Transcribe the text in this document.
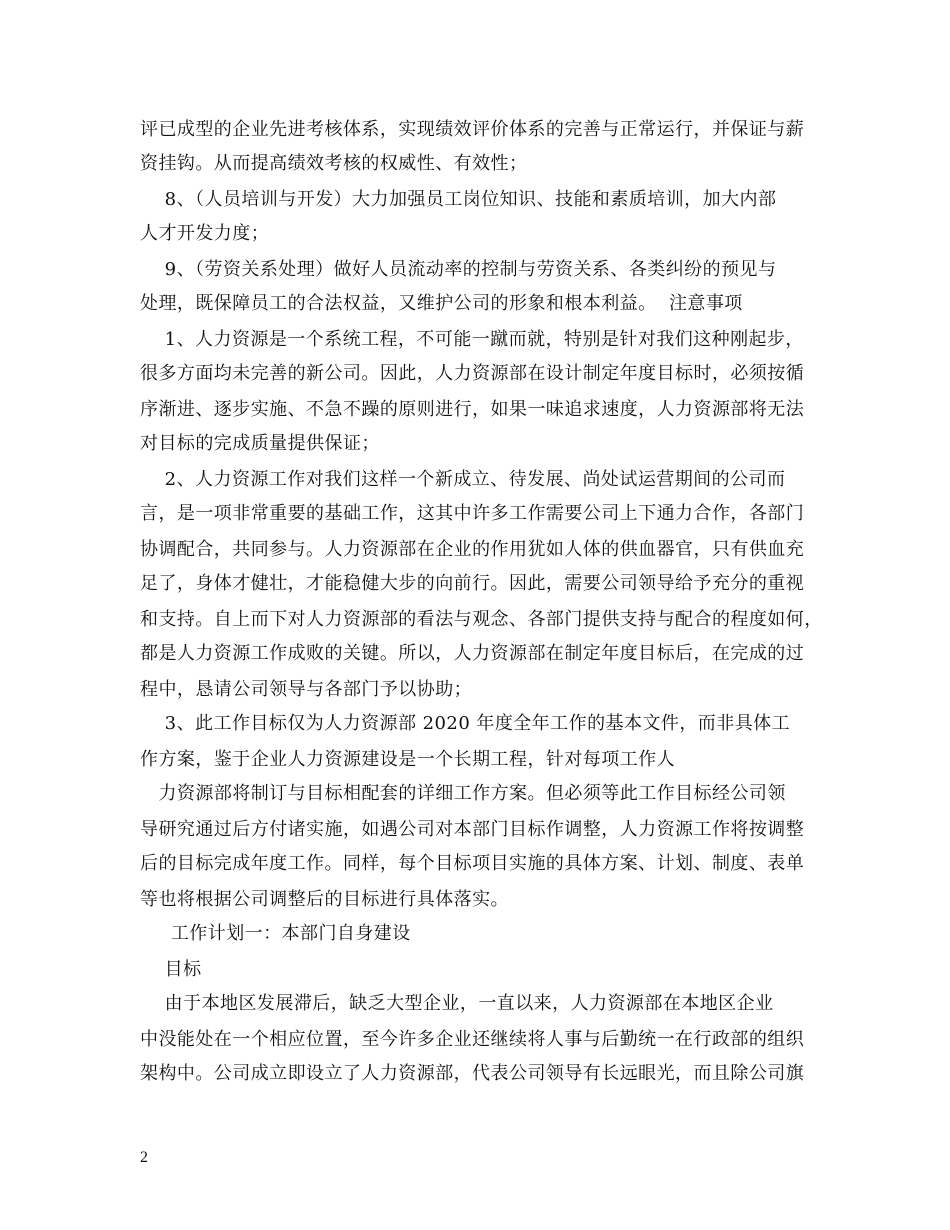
评已成型的企业先进考核体系，实现绩效评价体系的完善与正常运行，并保证与薪
资挂钩。从而提高绩效考核的权威性、有效性；
8、（人员培训与开发）大力加强员工岗位知识、技能和素质培训，加大内部
人才开发力度；
9、（劳资关系处理）做好人员流动率的控制与劳资关系、各类纠纷的预见与
处理，既保障员工的合法权益，又维护公司的形象和根本利益。  注意事项
1、人力资源是一个系统工程，不可能一蹴而就，特别是针对我们这种刚起步，
很多方面均未完善的新公司。因此，人力资源部在设计制定年度目标时，必须按循
序渐进、逐步实施、不急不躁的原则进行，如果一味追求速度，人力资源部将无法
对目标的完成质量提供保证；
2、人力资源工作对我们这样一个新成立、待发展、尚处试运营期间的公司而
言，是一项非常重要的基础工作，这其中许多工作需要公司上下通力合作，各部门
协调配合，共同参与。人力资源部在企业的作用犹如人体的供血器官，只有供血充
足了，身体才健壮，才能稳健大步的向前行。因此，需要公司领导给予充分的重视
和支持。自上而下对人力资源部的看法与观念、各部门提供支持与配合的程度如何，
都是人力资源工作成败的关键。所以，人力资源部在制定年度目标后，在完成的过
程中，恳请公司领导与各部门予以协助；
3、此工作目标仅为人力资源部 2020 年度全年工作的基本文件，而非具体工
作方案，鉴于企业人力资源建设是一个长期工程，针对每项工作人
力资源部将制订与目标相配套的详细工作方案。但必须等此工作目标经公司领
导研究通过后方付诸实施，如遇公司对本部门目标作调整，人力资源工作将按调整
后的目标完成年度工作。同样，每个目标项目实施的具体方案、计划、制度、表单
等也将根据公司调整后的目标进行具体落实。
工作计划一：本部门自身建设
目标
由于本地区发展滞后，缺乏大型企业，一直以来，人力资源部在本地区企业
中没能处在一个相应位置，至今许多企业还继续将人事与后勤统一在行政部的组织
架构中。公司成立即设立了人力资源部，代表公司领导有长远眼光，而且除公司旗
2
